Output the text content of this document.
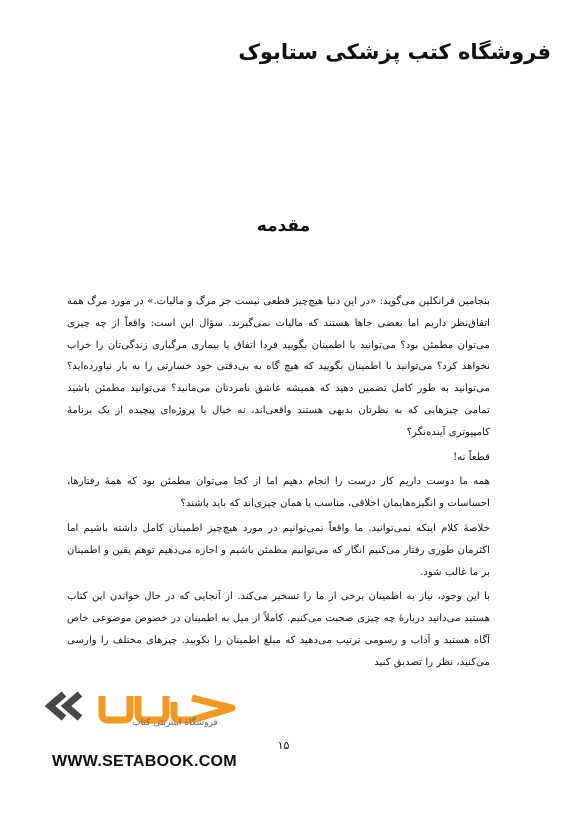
فروشگاه کتب پزشکی ستابوک
مقدمه

بنجامین فرانکلین می‌گوید: «در این دنیا هیچ‌چیز قطعی نیست جز مرگ و مالیات.» در مورد مرگ همه اتفاق‌نظر داریم اما بعضی جاها هستند که مالیات نمی‌گیرند. سؤال این است: واقعاً از چه چیزی می‌توان مطمئن بود؟ می‌توانید با اطمینان بگویید فردا اتفاق یا بیماری مرگباری زندگی‌تان را خراب نخواهد کرد؟ می‌توانید با اطمینان بگویید که هیچ گاه به بی‌دقتی خود خسارتی را به بار نیاورده‌اید؟ می‌توانید به طور کامل تضمین دهید که همیشه عاشق نامزدتان می‌مانید؟ می‌توانید مطمئن باشید تمامی چیزهایی که به نظرتان بدیهی هستند واقعی‌اند، نه خیال یا پروژه‌ای پیچیده از یک برنامهٔ کامپیوتری آینده‌نگر؟

قطعاً نه!

همه ما دوست داریم کار درست را انجام دهیم اما از کجا می‌توان مطمئن بود که همهٔ رفتارها، احساسات و انگیزه‌هایمان اخلاقی، مناسب یا همان چیزی‌اند که باید باشند؟

خلاصهٔ کلام اینکه نمی‌توانید. ما واقعاً نمی‌توانیم در مورد هیچ‌چیز اطمینان کامل داشته باشیم اما اکثرمان طوری رفتار می‌کنیم انگار که می‌توانیم مطمئن باشیم و اجازه می‌دهیم توهم یقین و اطمینان بر ما غالب شود.

با این وجود، نیاز به اطمینان برخی از ما را تسخیر می‌کند. از آنجایی که در حال خواندن این کتاب هستید می‌دانید دربارهٔ چه چیزی صحبت می‌کنیم. کاملاً از میل به اطمینان در خصوص موضوعی خاص آگاه هستید و آداب و رسومی ترتیب می‌دهید که مبلغ اطمینان را بکوبید. چیزهای مختلف را وارسی می‌کنید، نظر را تصدیق کنید

فروشگاه اینترنتی کتاب
۱۵
WWW.SETABOOK.COM
